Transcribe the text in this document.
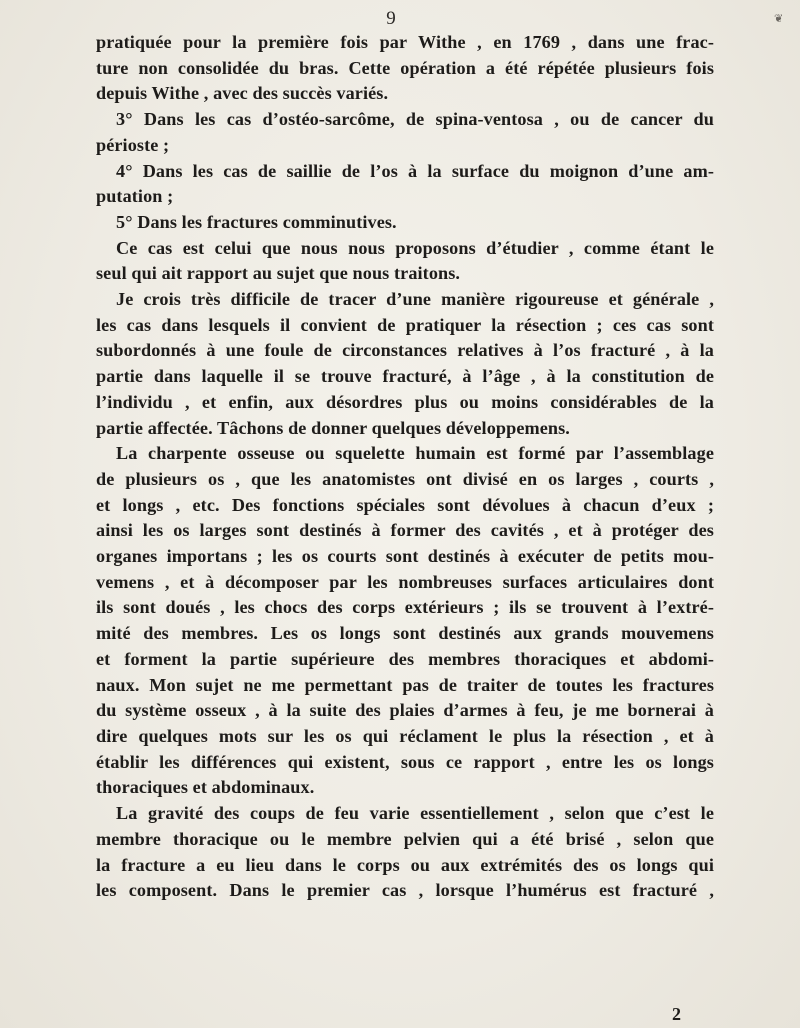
9	❦
pratiquée pour la première fois par Withe , en 1769 , dans une frac-
ture non consolidée du bras. Cette opération a été répétée plusieurs fois
depuis Withe , avec des succès variés.
3° Dans les cas d’ostéo-sarcôme, de spina-ventosa , ou de cancer du
périoste ;
4° Dans les cas de saillie de l’os à la surface du moignon d’une am-
putation ;
5° Dans les fractures comminutives.
Ce cas est celui que nous nous proposons d’étudier , comme étant le
seul qui ait rapport au sujet que nous traitons.
Je crois très difficile de tracer d’une manière rigoureuse et générale ,
les cas dans lesquels il convient de pratiquer la résection ; ces cas sont
subordonnés à une foule de circonstances relatives à l’os fracturé , à la
partie dans laquelle il se trouve fracturé, à l’âge , à la constitution de
l’individu , et enfin, aux désordres plus ou moins considérables de la
partie affectée. Tâchons de donner quelques développemens.
La charpente osseuse ou squelette humain est formé par l’assemblage
de plusieurs os , que les anatomistes ont divisé en os larges , courts ,
et longs , etc. Des fonctions spéciales sont dévolues à chacun d’eux ;
ainsi les os larges sont destinés à former des cavités , et à protéger des
organes importans ; les os courts sont destinés à exécuter de petits mou-
vemens , et à décomposer par les nombreuses surfaces articulaires dont
ils sont doués , les chocs des corps extérieurs ; ils se trouvent à l’extré-
mité des membres. Les os longs sont destinés aux grands mouvemens
et forment la partie supérieure des membres thoraciques et abdomi-
naux. Mon sujet ne me permettant pas de traiter de toutes les fractures
du système osseux , à la suite des plaies d’armes à feu, je me bornerai à
dire quelques mots sur les os qui réclament le plus la résection , et à
établir les différences qui existent, sous ce rapport , entre les os longs
thoraciques et abdominaux.
La gravité des coups de feu varie essentiellement , selon que c’est le
membre thoracique ou le membre pelvien qui a été brisé , selon que
la fracture a eu lieu dans le corps ou aux extrémités des os longs qui
les composent. Dans le premier cas , lorsque l’humérus est fracturé ,
2
